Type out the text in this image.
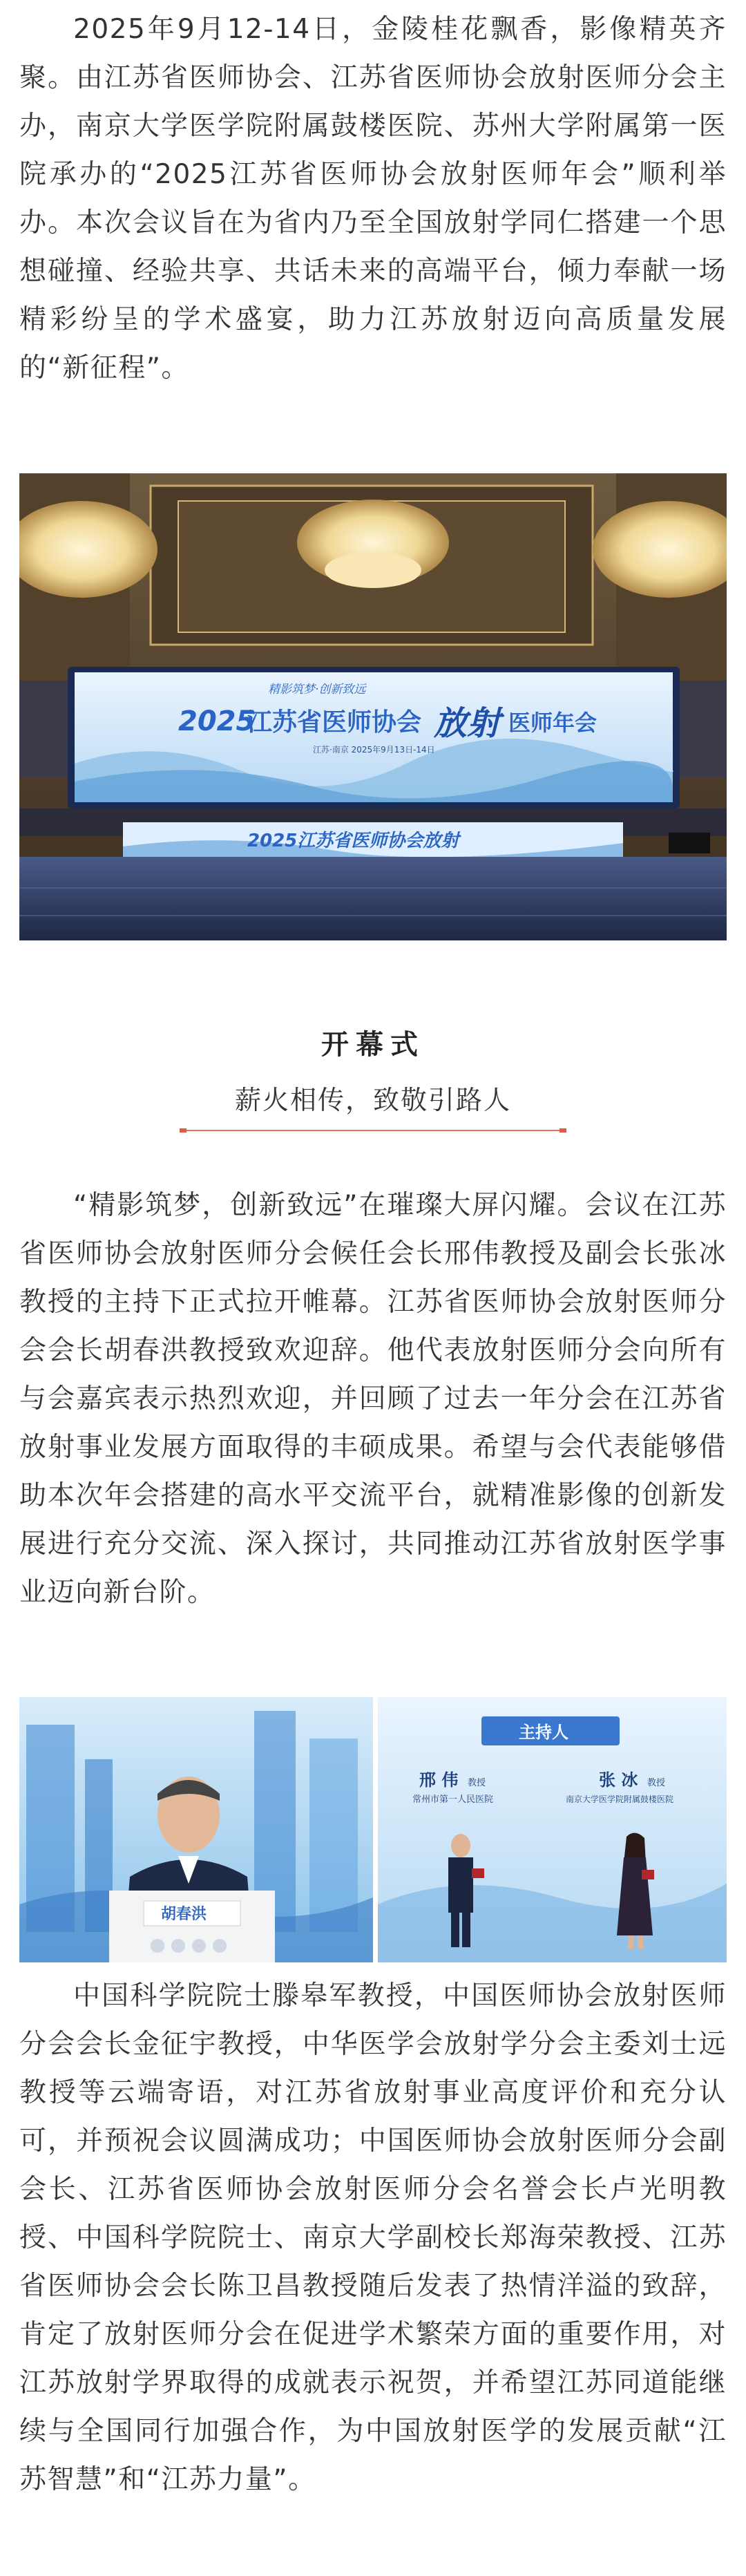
2025年9月12-14日，金陵桂花飘香，影像精英齐聚。由江苏省医师协会、江苏省医师协会放射医师分会主办，南京大学医学院附属鼓楼医院、苏州大学附属第一医院承办的“2025江苏省医师协会放射医师年会”顺利举办。本次会议旨在为省内乃至全国放射学同仁搭建一个思想碰撞、经验共享、共话未来的高端平台，倾力奉献一场精彩纷呈的学术盛宴，助力江苏放射迈向高质量发展的“新征程”。

精影筑梦·创新致远
2025
江苏省医师协会 放射 医师年会
江苏·南京 2025年9月13日-14日
2025江苏省医师协会放射
开幕式
薪火相传，致敬引路人

“精影筑梦，创新致远”在璀璨大屏闪耀。会议在江苏省医师协会放射医师分会候任会长邢伟教授及副会长张冰教授的主持下正式拉开帷幕。江苏省医师协会放射医师分会会长胡春洪教授致欢迎辞。他代表放射医师分会向所有与会嘉宾表示热烈欢迎，并回顾了过去一年分会在江苏省放射事业发展方面取得的丰硕成果。希望与会代表能够借助本次年会搭建的高水平交流平台，就精准影像的创新发展进行充分交流、深入探讨，共同推动江苏省放射医学事业迈向新台阶。

胡春洪
主持人
邢 伟 教授
常州市第一人民医院
张 冰 教授
南京大学医学院附属鼓楼医院

中国科学院院士滕皋军教授，中国医师协会放射医师分会会长金征宇教授，中华医学会放射学分会主委刘士远教授等云端寄语，对江苏省放射事业高度评价和充分认可，并预祝会议圆满成功；中国医师协会放射医师分会副会长、江苏省医师协会放射医师分会名誉会长卢光明教授、中国科学院院士、南京大学副校长郑海荣教授、江苏省医师协会会长陈卫昌教授随后发表了热情洋溢的致辞，肯定了放射医师分会在促进学术繁荣方面的重要作用，对江苏放射学界取得的成就表示祝贺，并希望江苏同道能继续与全国同行加强合作，为中国放射医学的发展贡献“江苏智慧”和“江苏力量”。
